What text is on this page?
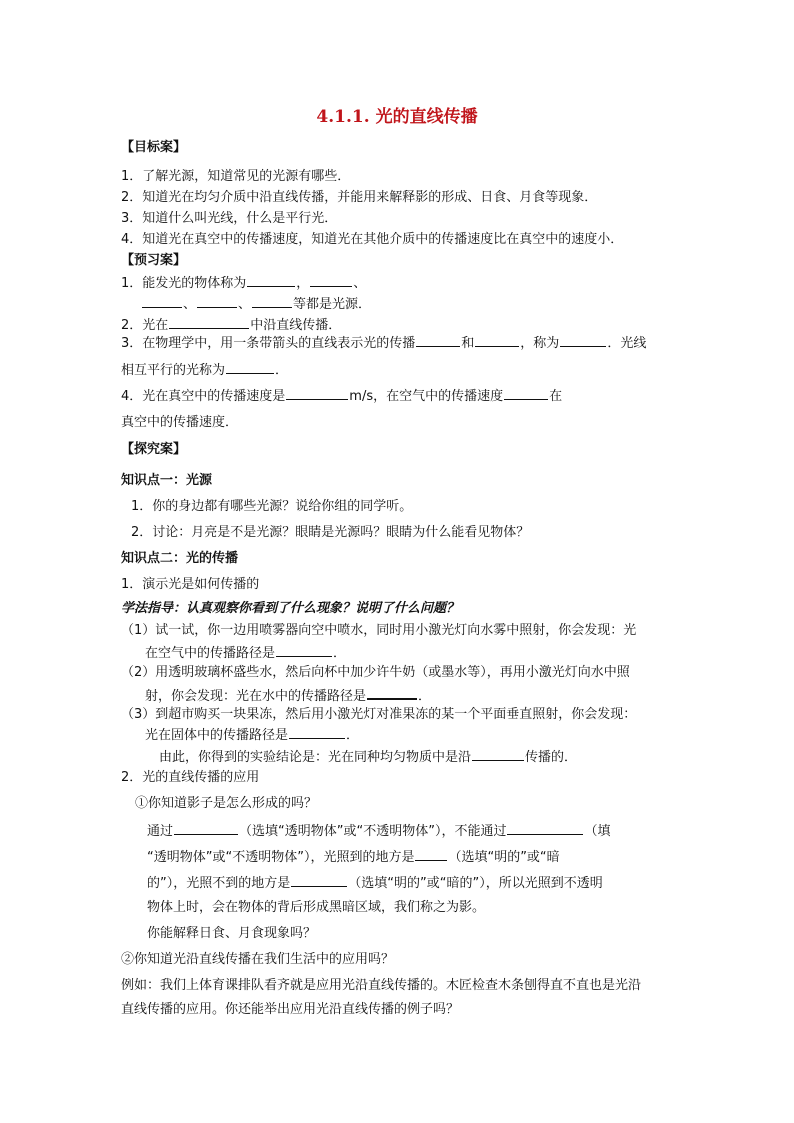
4.1.1. 光的直线传播
【目标案】
1．了解光源，知道常见的光源有哪些．
2．知道光在均匀介质中沿直线传播，并能用来解释影的形成、日食、月食等现象．
3．知道什么叫光线，什么是平行光．
4．知道光在真空中的传播速度，知道光在其他介质中的传播速度比在真空中的速度小．
【预习案】
1．能发光的物体称为	，	、
、	、	等都是光源．
2．光在	中沿直线传播．
3．在物理学中，用一条带箭头的直线表示光的传播	和	，称为	．光线
相互平行的光称为	．
4．光在真空中的传播速度是	m/s，在空气中的传播速度	在
真空中的传播速度．
【探究案】
知识点一：光源
1．你的身边都有哪些光源？说给你组的同学听。
2．讨论：月亮是不是光源？眼睛是光源吗？眼睛为什么能看见物体？
知识点二：光的传播
1．演示光是如何传播的
学法指导：认真观察你看到了什么现象？说明了什么问题？
（1）试一试，你一边用喷雾器向空中喷水，同时用小激光灯向水雾中照射，你会发现：光
在空气中的传播路径是	．
（2）用透明玻璃杯盛些水，然后向杯中加少许牛奶（或墨水等），再用小激光灯向水中照
射，你会发现：光在水中的传播路径是	．
（3）到超市购买一块果冻，然后用小激光灯对准果冻的某一个平面垂直照射，你会发现：
光在固体中的传播路径是	．
由此，你得到的实验结论是：光在同种均匀物质中是沿	传播的．
2．光的直线传播的应用
①你知道影子是怎么形成的吗？
通过	（选填“透明物体”或“不透明物体”），不能通过	（填
“透明物体”或“不透明物体”），光照到的地方是	（选填“明的”或“暗
的”），光照不到的地方是	（选填“明的”或“暗的”），所以光照到不透明
物体上时，会在物体的背后形成黑暗区域，我们称之为影。
你能解释日食、月食现象吗？
②你知道光沿直线传播在我们生活中的应用吗？
例如：我们上体育课排队看齐就是应用光沿直线传播的。木匠检查木条刨得直不直也是光沿
直线传播的应用。你还能举出应用光沿直线传播的例子吗？
